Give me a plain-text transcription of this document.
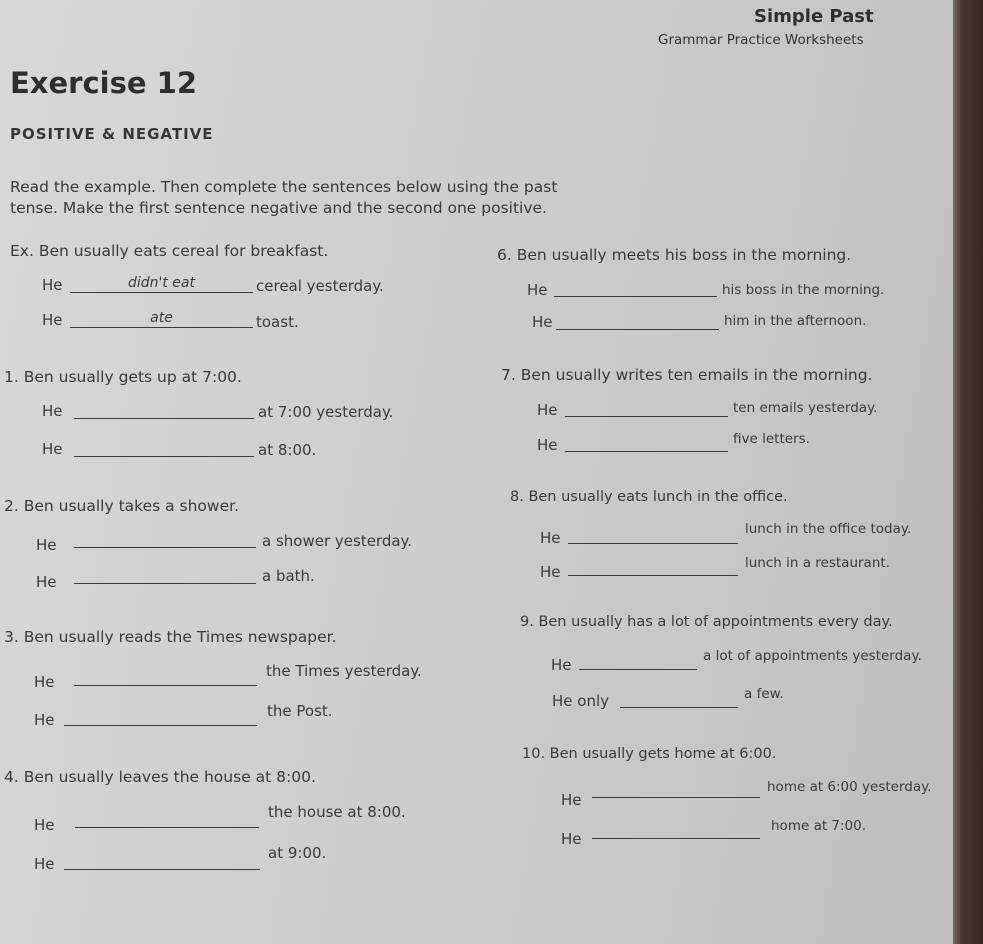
Simple Past
Grammar Practice Worksheets
Exercise 12
POSITIVE & NEGATIVE
Read the example. Then complete the sentences below using the past
tense. Make the first sentence negative and the second one positive.
Ex. Ben usually eats cereal for breakfast.
He	didn't eat	cereal yesterday.
He	ate	toast.
1. Ben usually gets up at 7:00.
He	at 7:00 yesterday.
He	at 8:00.
2. Ben usually takes a shower.
He	a shower yesterday.
He	a bath.
3. Ben usually reads the Times newspaper.
He
the Times yesterday.
He	the Post.
4. Ben usually leaves the house at 8:00.
He
the house at 8:00.
He
at 9:00.
6. Ben usually meets his boss in the morning.
He	his boss in the morning.
He	him in the afternoon.
7. Ben usually writes ten emails in the morning.
He	ten emails yesterday.
He	five letters.
8. Ben usually eats lunch in the office.
He	lunch in the office today.
He	lunch in a restaurant.
9. Ben usually has a lot of appointments every day.
He	a lot of appointments yesterday.
He only	a few.
10. Ben usually gets home at 6:00.
He
home at 6:00 yesterday.
He
home at 7:00.
